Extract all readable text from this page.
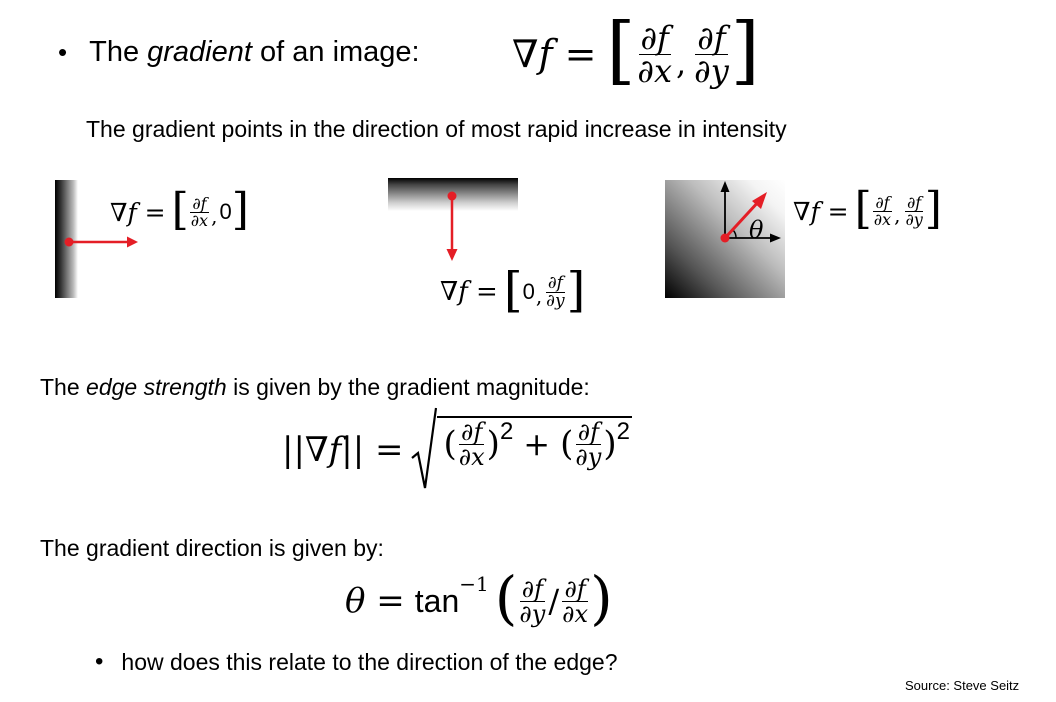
• The gradient of an image: ∇f = [ $\frac{\partial f}{\partial x}$ , $\frac{\partial f}{\partial y}$ ]
The gradient points in the direction of most rapid increase in intensity
∇f = [ $\frac{\partial f}{\partial x}$ , 0 ]
∇f = [ 0 , $\frac{\partial f}{\partial y}$ ]
θ
∇f = [ $\frac{\partial f}{\partial x}$ , $\frac{\partial f}{\partial y}$ ]
The edge strength is given by the gradient magnitude:
||∇f|| = ( $\frac{\partial f}{\partial x}$ ) 2 + ( $\frac{\partial f}{\partial y}$ ) 2
The gradient direction is given by:
θ = tan −1 ( $\frac{\partial f}{\partial y} / \frac{\partial f}{\partial x}$ )
• how does this relate to the direction of the edge?
Source: Steve Seitz
